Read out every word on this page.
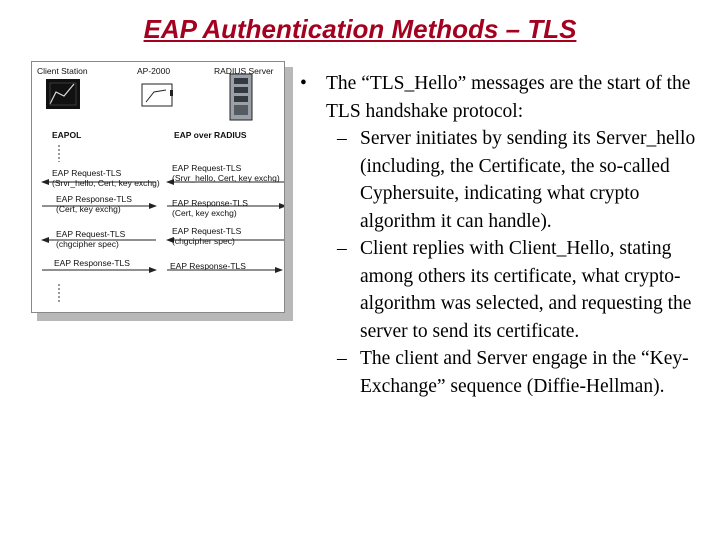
EAP Authentication Methods – TLS
Client Station	AP-2000	RADIUS Server
EAPOL	EAP over RADIUS
EAP Request-TLS
(Srvr_hello, Cert, key exchg)
EAP Request-TLS
(Srvr_hello, Cert, key exchg)
EAP Response-TLS
(Cert, key exchg)
EAP Response-TLS
(Cert, key exchg)
EAP Request-TLS
(chgcipher spec)
EAP Request-TLS
(chgcipher spec)
EAP Response-TLS	EAP Response-TLS
• The “TLS_Hello” messages are the start of the TLS handshake protocol:
– Server initiates by sending its Server_hello (including, the Certificate, the so-called Cyphersuite, indicating what crypto algorithm it can handle).
– Client replies with Client_Hello, stating among others its certificate, what crypto-algorithm was selected, and requesting the server to send its certificate.
– The client and Server engage in the “Key-Exchange” sequence (Diffie-Hellman).
